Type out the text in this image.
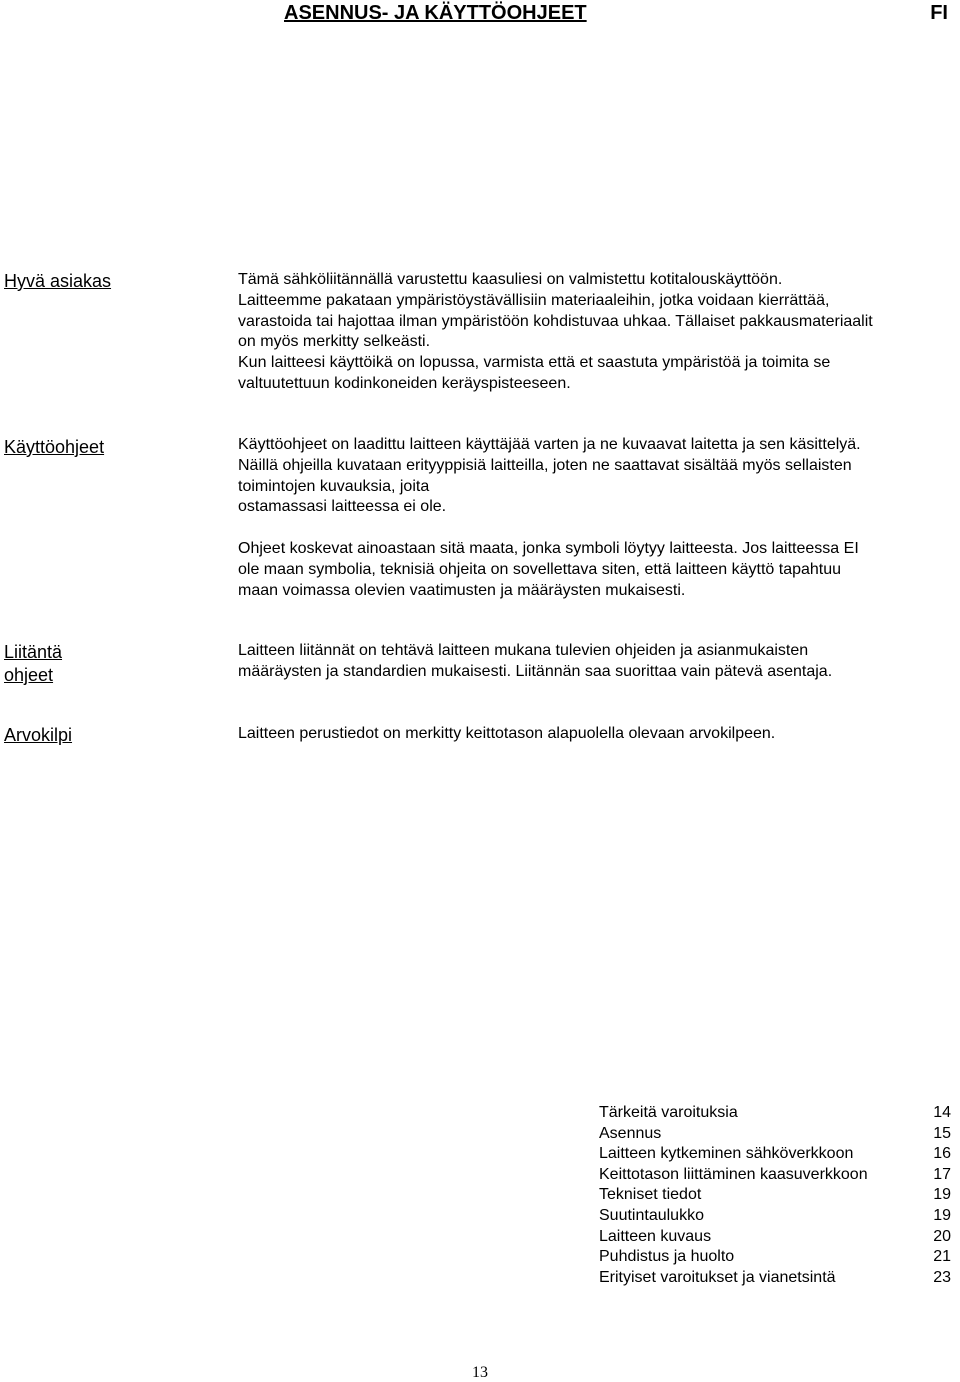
ASENNUS- JA KÄYTTÖOHJEET	FI
Hyvä asiakas	Tämä sähköliitännällä varustettu kaasuliesi on valmistettu kotitalouskäyttöön.
Laitteemme pakataan ympäristöystävällisiin materiaaleihin, jotka voidaan kierrättää,
varastoida tai hajottaa ilman ympäristöön kohdistuvaa uhkaa. Tällaiset pakkausmateriaalit
on myös merkitty selkeästi.
Kun laitteesi käyttöikä on lopussa, varmista että et saastuta ympäristöä ja toimita se
valtuutettuun kodinkoneiden keräyspisteeseen.
Käyttöohjeet	Käyttöohjeet on laadittu laitteen käyttäjää varten ja ne kuvaavat laitetta ja sen käsittelyä.
Näillä ohjeilla kuvataan erityyppisiä laitteilla, joten ne saattavat sisältää myös sellaisten
toimintojen kuvauksia, joita
ostamassasi laitteessa ei ole.
Ohjeet koskevat ainoastaan sitä maata, jonka symboli löytyy laitteesta. Jos laitteessa EI
ole maan symbolia, teknisiä ohjeita on sovellettava siten, että laitteen käyttö tapahtuu
maan voimassa olevien vaatimusten ja määräysten mukaisesti.
Liitäntä
ohjeet
Laitteen liitännät on tehtävä laitteen mukana tulevien ohjeiden ja asianmukaisten
määräysten ja standardien mukaisesti. Liitännän saa suorittaa vain pätevä asentaja.
Arvokilpi	Laitteen perustiedot on merkitty keittotason alapuolella olevaan arvokilpeen.
Tärkeitä varoituksia	14
Asennus	15
Laitteen kytkeminen sähköverkkoon	16
Keittotason liittäminen kaasuverkkoon	17
Tekniset tiedot	19
Suutintaulukko	19
Laitteen kuvaus	20
Puhdistus ja huolto	21
Erityiset varoitukset ja vianetsintä	23
13
